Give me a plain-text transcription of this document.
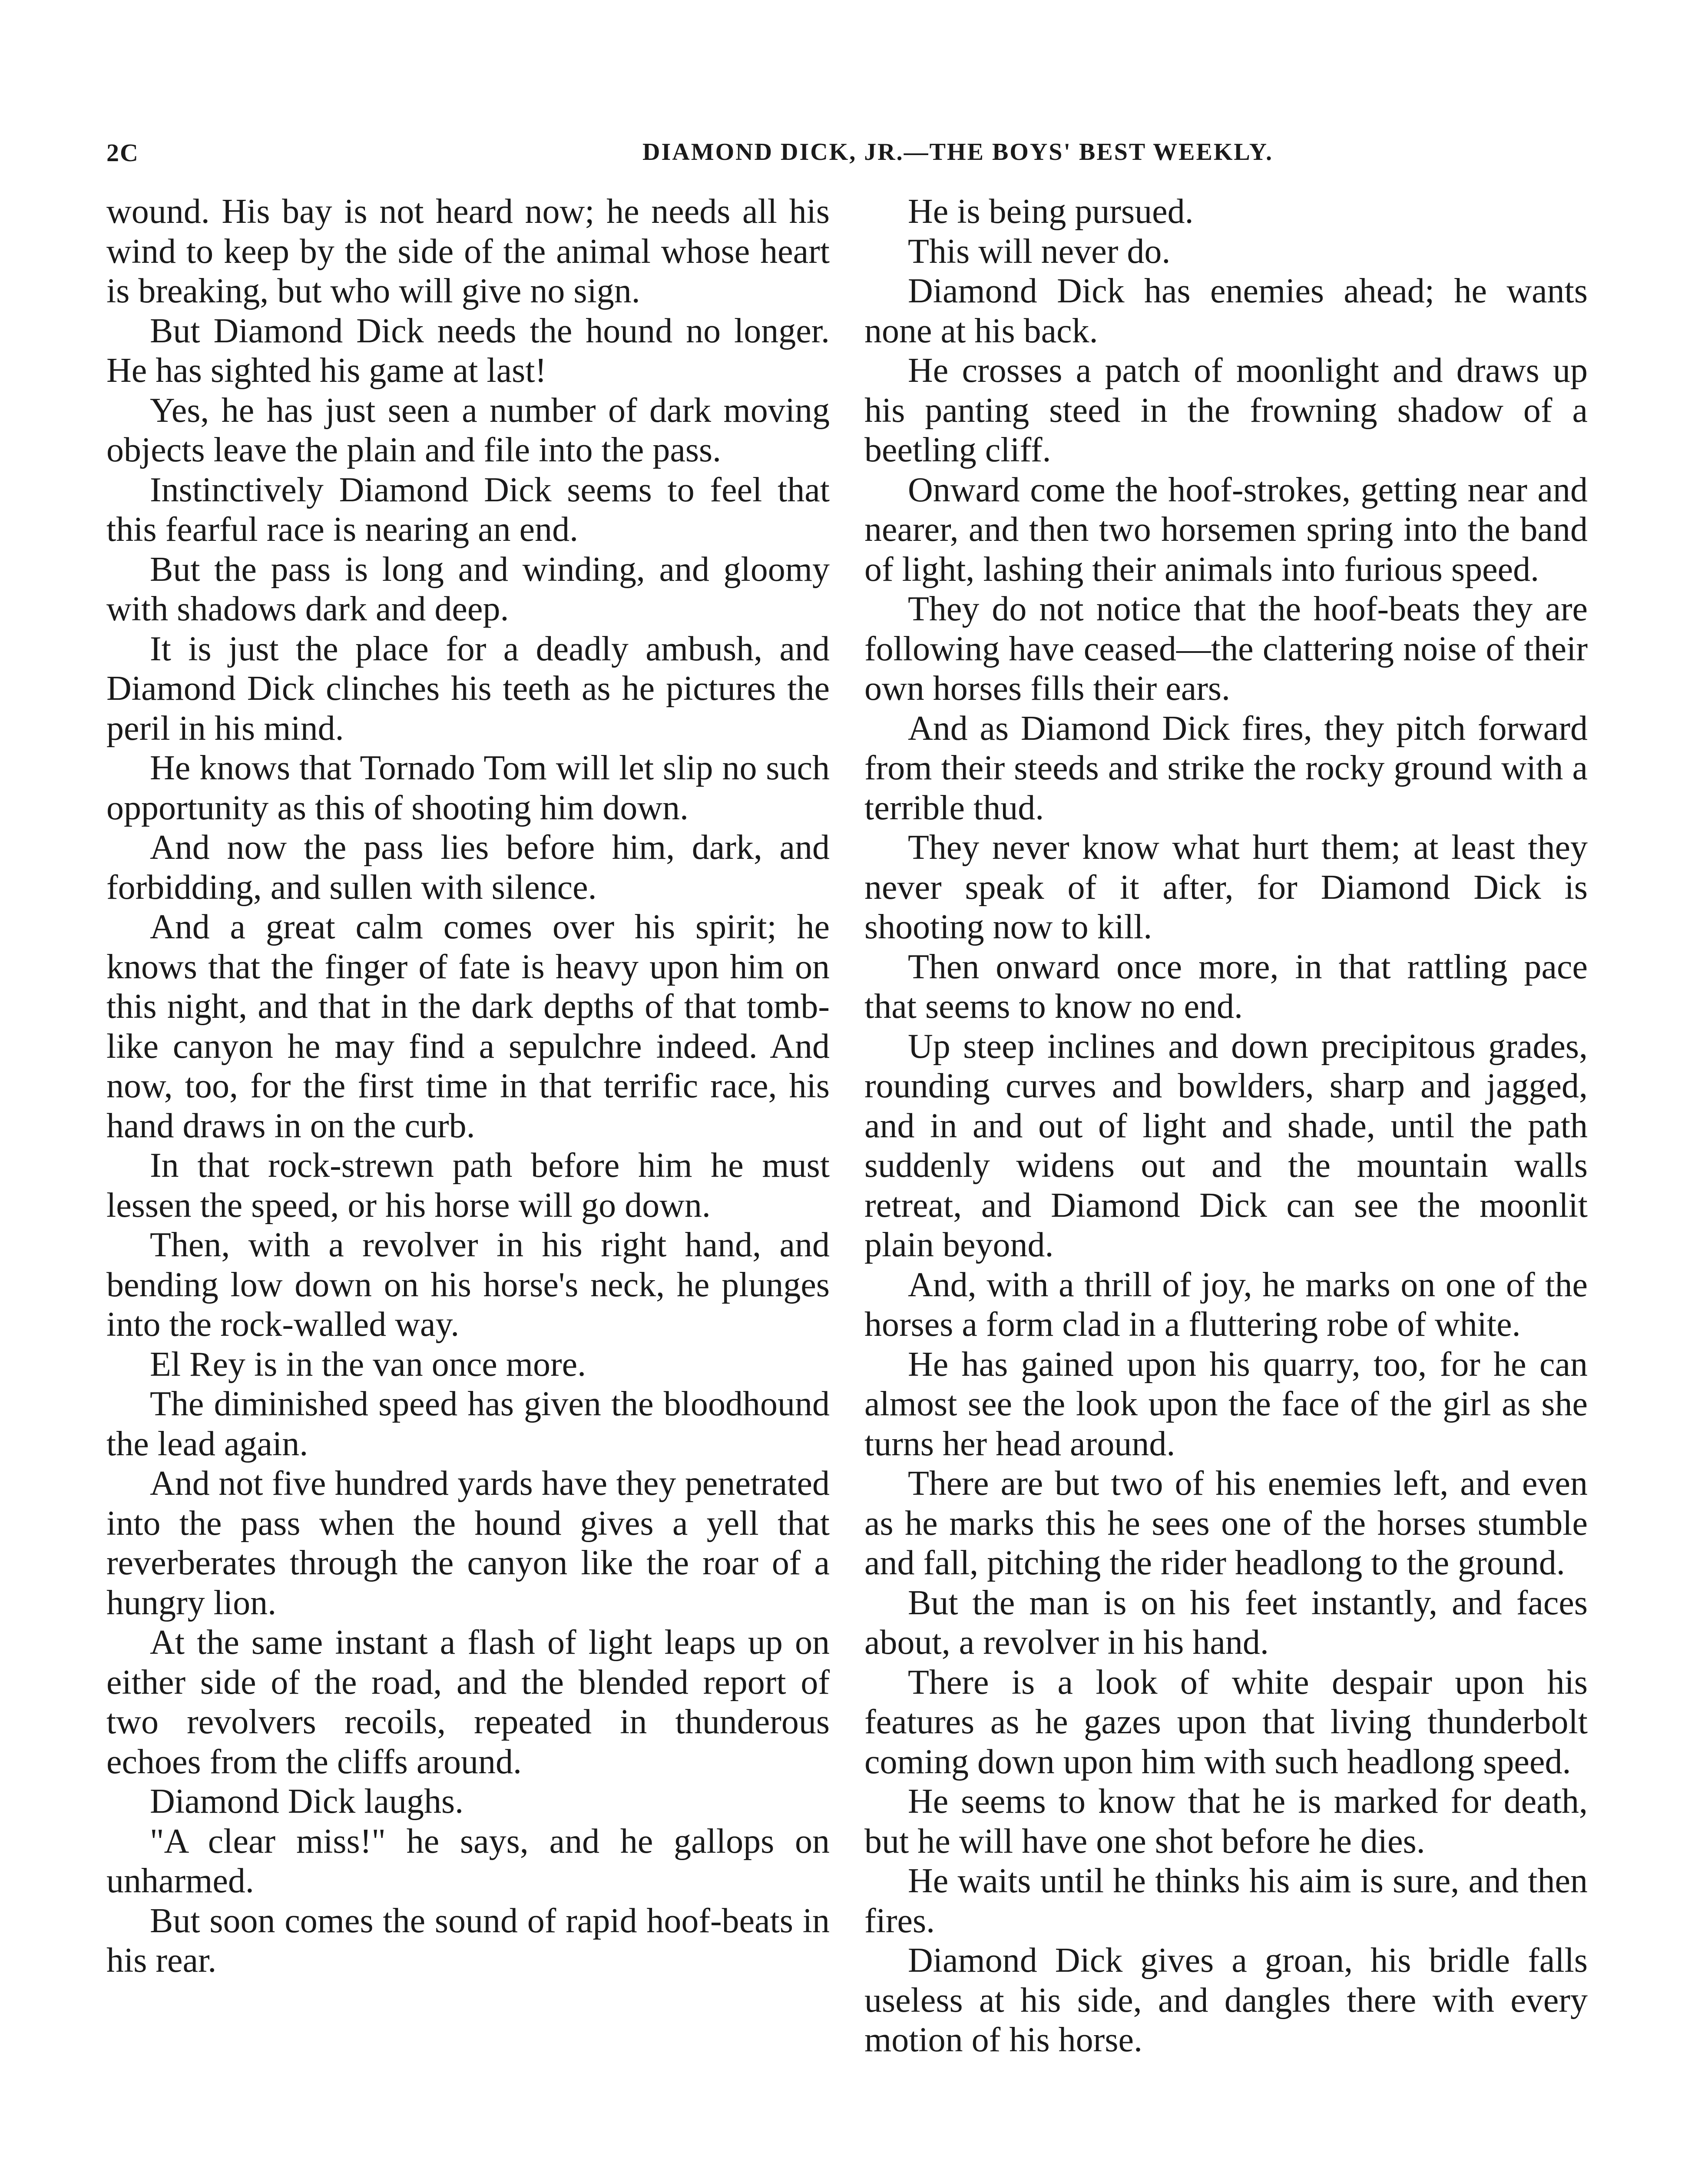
2C	DIAMOND DICK, JR.—THE BOYS' BEST WEEKLY.

wound. His bay is not heard now; he needs all his wind to keep by the side of the animal whose heart is breaking, but who will give no sign.

But Diamond Dick needs the hound no longer. He has sighted his game at last!

Yes, he has just seen a number of dark moving objects leave the plain and file into the pass.

Instinctively Diamond Dick seems to feel that this fearful race is nearing an end.

But the pass is long and winding, and gloomy with shadows dark and deep.

It is just the place for a deadly ambush, and Diamond Dick clinches his teeth as he pictures the peril in his mind.

He knows that Tornado Tom will let slip no such opportunity as this of shooting him down.

And now the pass lies before him, dark, and forbidding, and sullen with silence.

And a great calm comes over his spirit; he knows that the finger of fate is heavy upon him on this night, and that in the dark depths of that tomb-like canyon he may find a sepulchre indeed. And now, too, for the first time in that terrific race, his hand draws in on the curb.

In that rock-strewn path before him he must lessen the speed, or his horse will go down.

Then, with a revolver in his right hand, and bending low down on his horse's neck, he plunges into the rock-walled way.

El Rey is in the van once more.

The diminished speed has given the bloodhound the lead again.

And not five hundred yards have they penetrated into the pass when the hound gives a yell that reverberates through the canyon like the roar of a hungry lion.

At the same instant a flash of light leaps up on either side of the road, and the blended report of two revolvers recoils, repeated in thunderous echoes from the cliffs around.

Diamond Dick laughs.

"A clear miss!" he says, and he gallops on unharmed.

But soon comes the sound of rapid hoof-beats in his rear.

He is being pursued.

This will never do.

Diamond Dick has enemies ahead; he wants none at his back.

He crosses a patch of moonlight and draws up his panting steed in the frowning shadow of a beetling cliff.

Onward come the hoof-strokes, getting near and nearer, and then two horsemen spring into the band of light, lashing their animals into furious speed.

They do not notice that the hoof-beats they are following have ceased—the clattering noise of their own horses fills their ears.

And as Diamond Dick fires, they pitch forward from their steeds and strike the rocky ground with a terrible thud.

They never know what hurt them; at least they never speak of it after, for Diamond Dick is shooting now to kill.

Then onward once more, in that rattling pace that seems to know no end.

Up steep inclines and down precipitous grades, rounding curves and bowlders, sharp and jagged, and in and out of light and shade, until the path suddenly widens out and the mountain walls retreat, and Diamond Dick can see the moonlit plain beyond.

And, with a thrill of joy, he marks on one of the horses a form clad in a fluttering robe of white.

He has gained upon his quarry, too, for he can almost see the look upon the face of the girl as she turns her head around.

There are but two of his enemies left, and even as he marks this he sees one of the horses stumble and fall, pitching the rider headlong to the ground.

But the man is on his feet instantly, and faces about, a revolver in his hand.

There is a look of white despair upon his features as he gazes upon that living thunderbolt coming down upon him with such headlong speed.

He seems to know that he is marked for death, but he will have one shot before he dies.

He waits until he thinks his aim is sure, and then fires.

Diamond Dick gives a groan, his bridle falls useless at his side, and dangles there with every motion of his horse.
